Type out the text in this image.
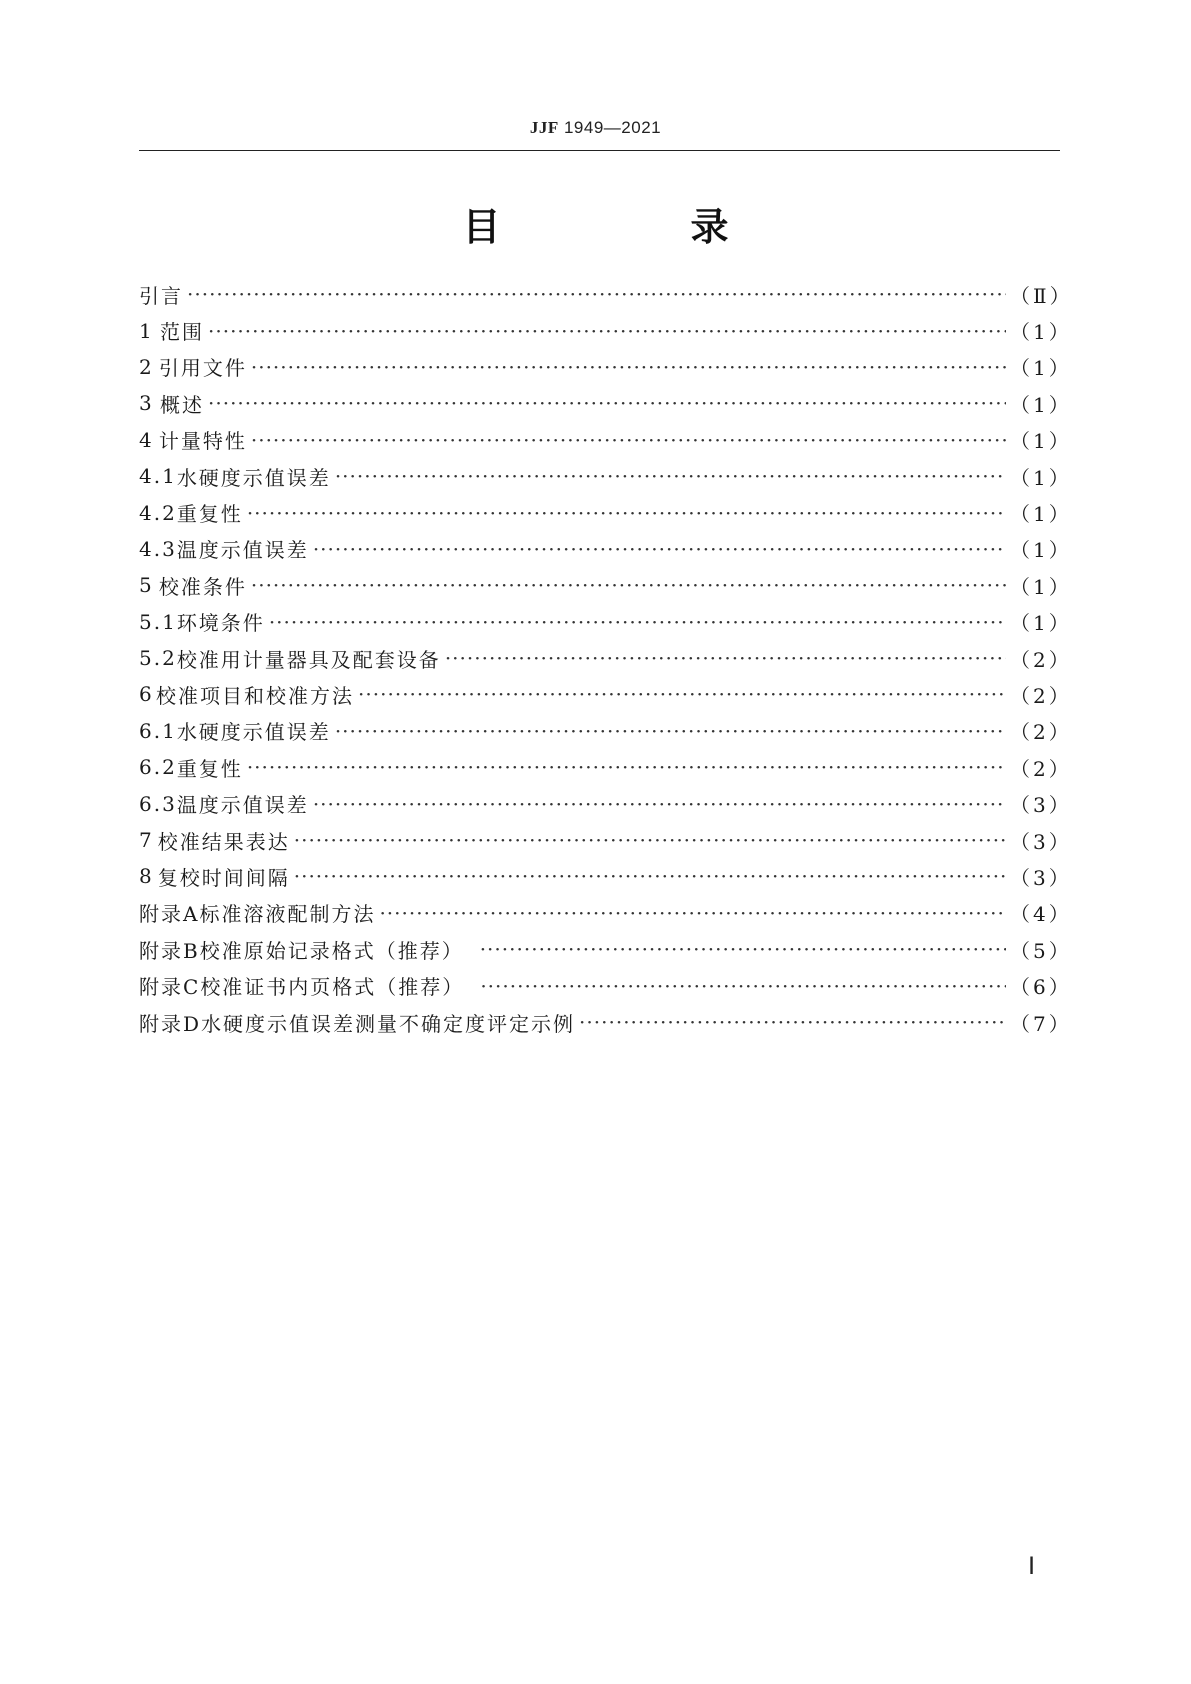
JJF 1949—2021
目　录
引言 ·····	（Ⅱ）
1 范围 ·····	（1）
2 引用文件 ·····	（1）
3 概述 ·····	（1）
4 计量特性 ·····	（1）
4.1 水硬度示值误差 ·····	（1）
4.2 重复性 ·····	（1）
4.3 温度示值误差 ·····	（1）
5 校准条件 ·····	（1）
5.1 环境条件 ·····	（1）
5.2 校准用计量器具及配套设备 ·····	（2）
6 校准项目和校准方法 ·····	（2）
6.1 水硬度示值误差 ·····	（2）
6.2 重复性 ·····	（2）
6.3 温度示值误差 ·····	（3）
7 校准结果表达 ·····	（3）
8 复校时间间隔 ·····	（3）
附录A 标准溶液配制方法 ·····	（4）
附录B 校准原始记录格式（推荐）　 ·····	（5）
附录C 校准证书内页格式（推荐）　 ·····	（6）
附录D 水硬度示值误差测量不确定度评定示例 ·····	（7）
Ⅰ
